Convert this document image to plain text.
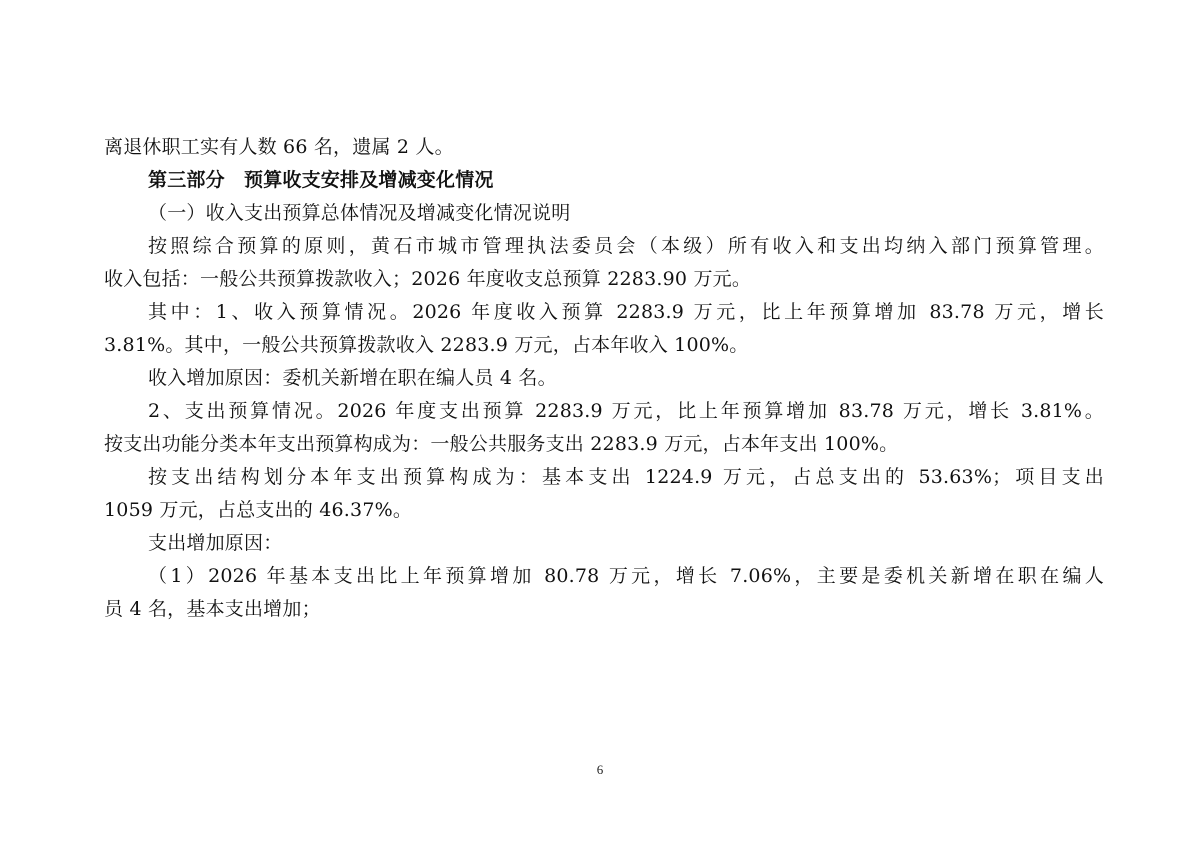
离退休职工实有人数 66 名，遗属 2 人。
第三部分　预算收支安排及增减变化情况
（一）收入支出预算总体情况及增减变化情况说明
按照综合预算的原则，黄石市城市管理执法委员会（本级）所有收入和支出均纳入部门预算管理。
收入包括：一般公共预算拨款收入；2026 年度收支总预算 2283.90 万元。
其中：1、收入预算情况。2026 年度收入预算 2283.9 万元，比上年预算增加 83.78 万元，增长
3.81%。其中，一般公共预算拨款收入 2283.9 万元，占本年收入 100%。
收入增加原因：委机关新增在职在编人员 4 名。
2、支出预算情况。2026 年度支出预算 2283.9 万元，比上年预算增加 83.78 万元，增长 3.81%。
按支出功能分类本年支出预算构成为：一般公共服务支出 2283.9 万元，占本年支出 100%。
按支出结构划分本年支出预算构成为：基本支出 1224.9 万元，占总支出的 53.63%；项目支出
1059 万元，占总支出的 46.37%。
支出增加原因：
（1）2026 年基本支出比上年预算增加 80.78 万元，增长 7.06%，主要是委机关新增在职在编人
员 4 名，基本支出增加；
6
